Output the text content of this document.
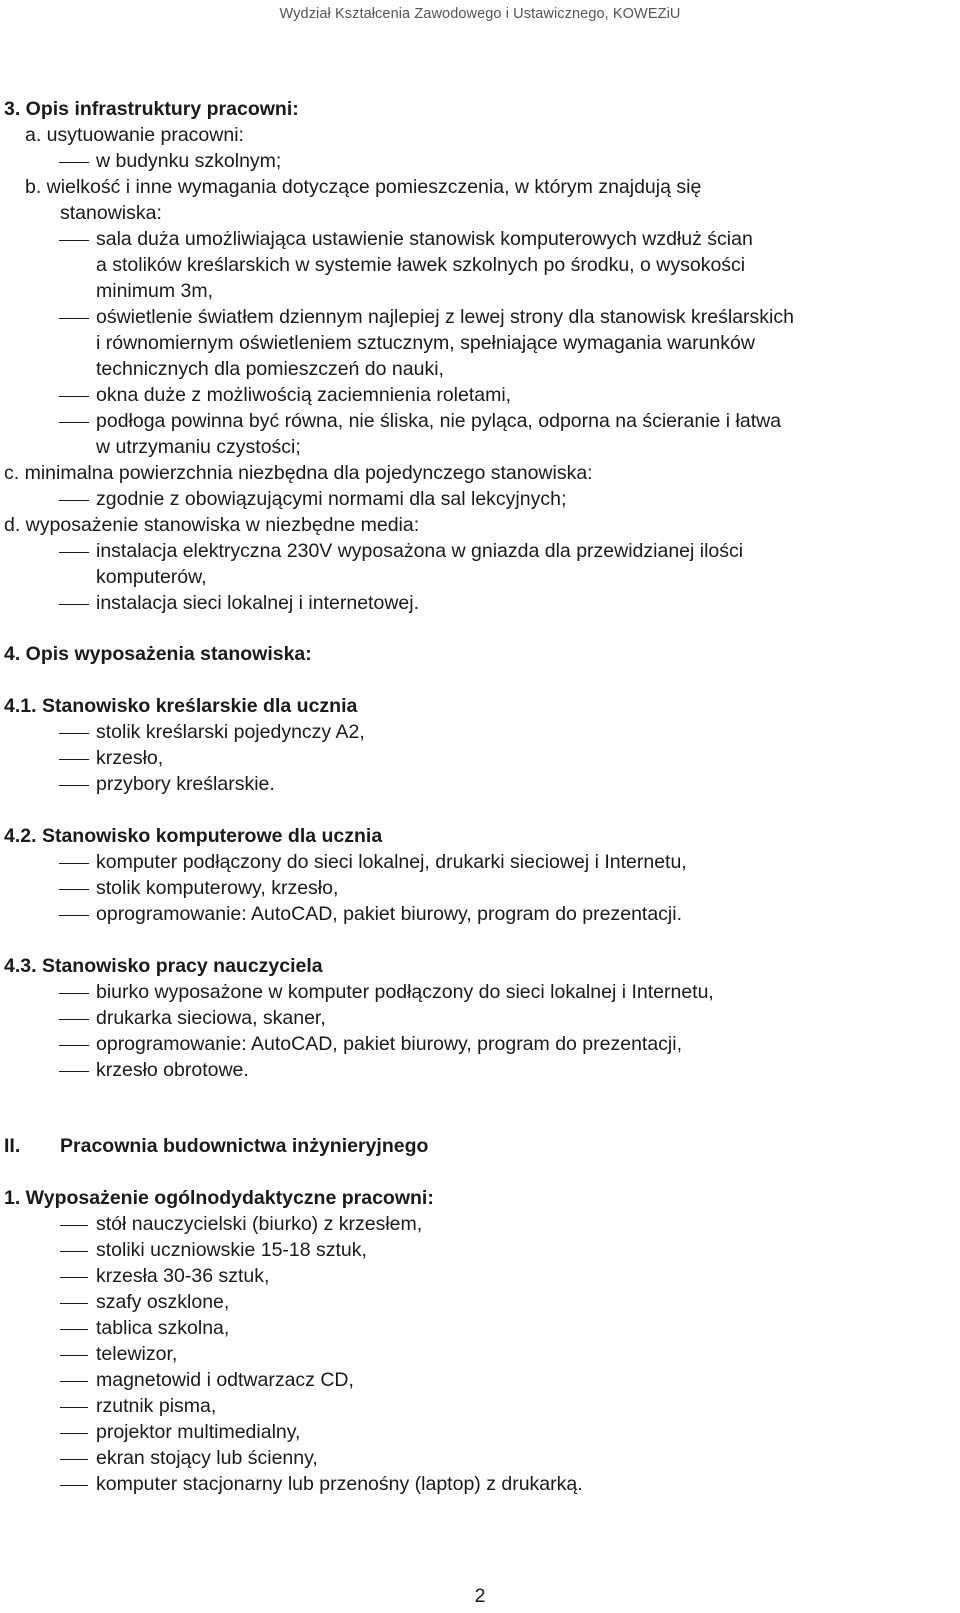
Wydział Kształcenia Zawodowego i Ustawicznego, KOWEZiU
3. Opis infrastruktury pracowni:
a. usytuowanie pracowni:
w budynku szkolnym;
b. wielkość i inne wymagania dotyczące pomieszczenia, w którym znajdują się
stanowiska:
sala duża umożliwiająca ustawienie stanowisk komputerowych wzdłuż ścian
a stolików kreślarskich w systemie ławek szkolnych po środku, o wysokości
minimum 3m,
oświetlenie światłem dziennym najlepiej z lewej strony dla stanowisk kreślarskich
i równomiernym oświetleniem sztucznym, spełniające wymagania warunków
technicznych dla pomieszczeń do nauki,
okna duże z możliwością zaciemnienia roletami,
podłoga powinna być równa, nie śliska, nie pyląca, odporna na ścieranie i łatwa
w utrzymaniu czystości;
c. minimalna powierzchnia niezbędna dla pojedynczego stanowiska:
zgodnie z obowiązującymi normami dla sal lekcyjnych;
d. wyposażenie stanowiska w niezbędne media:
instalacja elektryczna 230V wyposażona w gniazda dla przewidzianej ilości
komputerów,
instalacja sieci lokalnej i internetowej.
4. Opis wyposażenia stanowiska:
4.1. Stanowisko kreślarskie dla ucznia
stolik kreślarski pojedynczy A2,
krzesło,
przybory kreślarskie.
4.2. Stanowisko komputerowe dla ucznia
komputer podłączony do sieci lokalnej, drukarki sieciowej i Internetu,
stolik komputerowy, krzesło,
oprogramowanie: AutoCAD, pakiet biurowy, program do prezentacji.
4.3. Stanowisko pracy nauczyciela
biurko wyposażone w komputer podłączony do sieci lokalnej i Internetu,
drukarka sieciowa, skaner,
oprogramowanie: AutoCAD, pakiet biurowy, program do prezentacji,
krzesło obrotowe.
II. Pracownia budownictwa inżynieryjnego
1. Wyposażenie ogólnodydaktyczne pracowni:
stół nauczycielski (biurko) z krzesłem,
stoliki uczniowskie 15-18 sztuk,
krzesła 30-36 sztuk,
szafy oszklone,
tablica szkolna,
telewizor,
magnetowid i odtwarzacz CD,
rzutnik pisma,
projektor multimedialny,
ekran stojący lub ścienny,
komputer stacjonarny lub przenośny (laptop) z drukarką.
2
